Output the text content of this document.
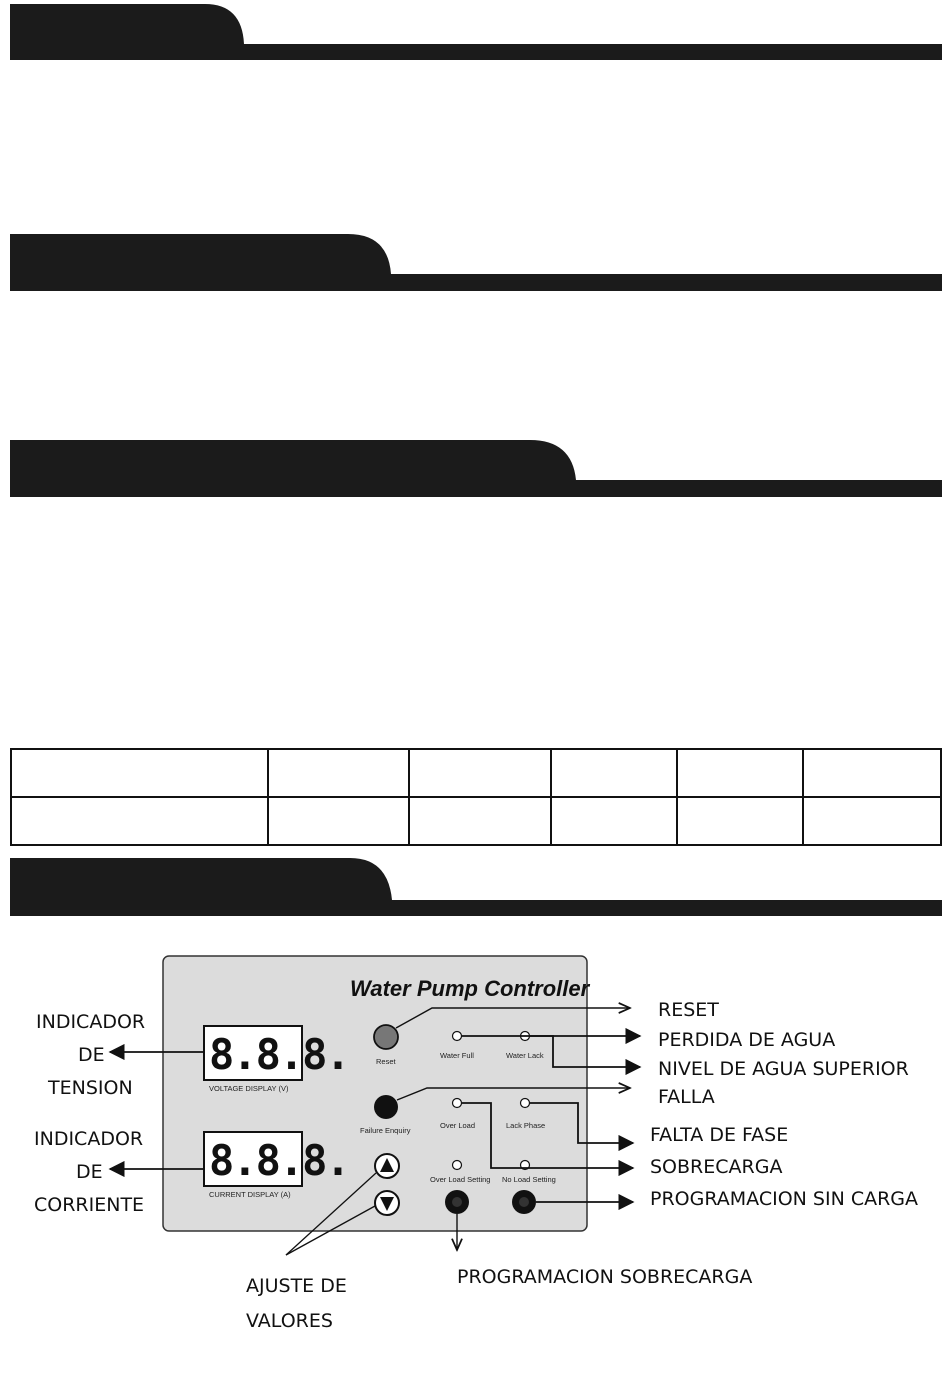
Water Pump Controller
8.8.8.
VOLTAGE DISPLAY (V)
8.8.8.
CURRENT DISPLAY (A)
Reset
Water Full	Water Lack
Failure Enquiry
Over Load	Lack Phase
Over Load Setting No Load Setting
INDICADOR
DE
TENSION
INDICADOR
DE
CORRIENTE
RESET
PERDIDA DE AGUA
NIVEL DE AGUA SUPERIOR
FALLA
FALTA DE FASE
SOBRECARGA
PROGRAMACION SIN CARGA
PROGRAMACION SOBRECARGA
AJUSTE DE
VALORES
